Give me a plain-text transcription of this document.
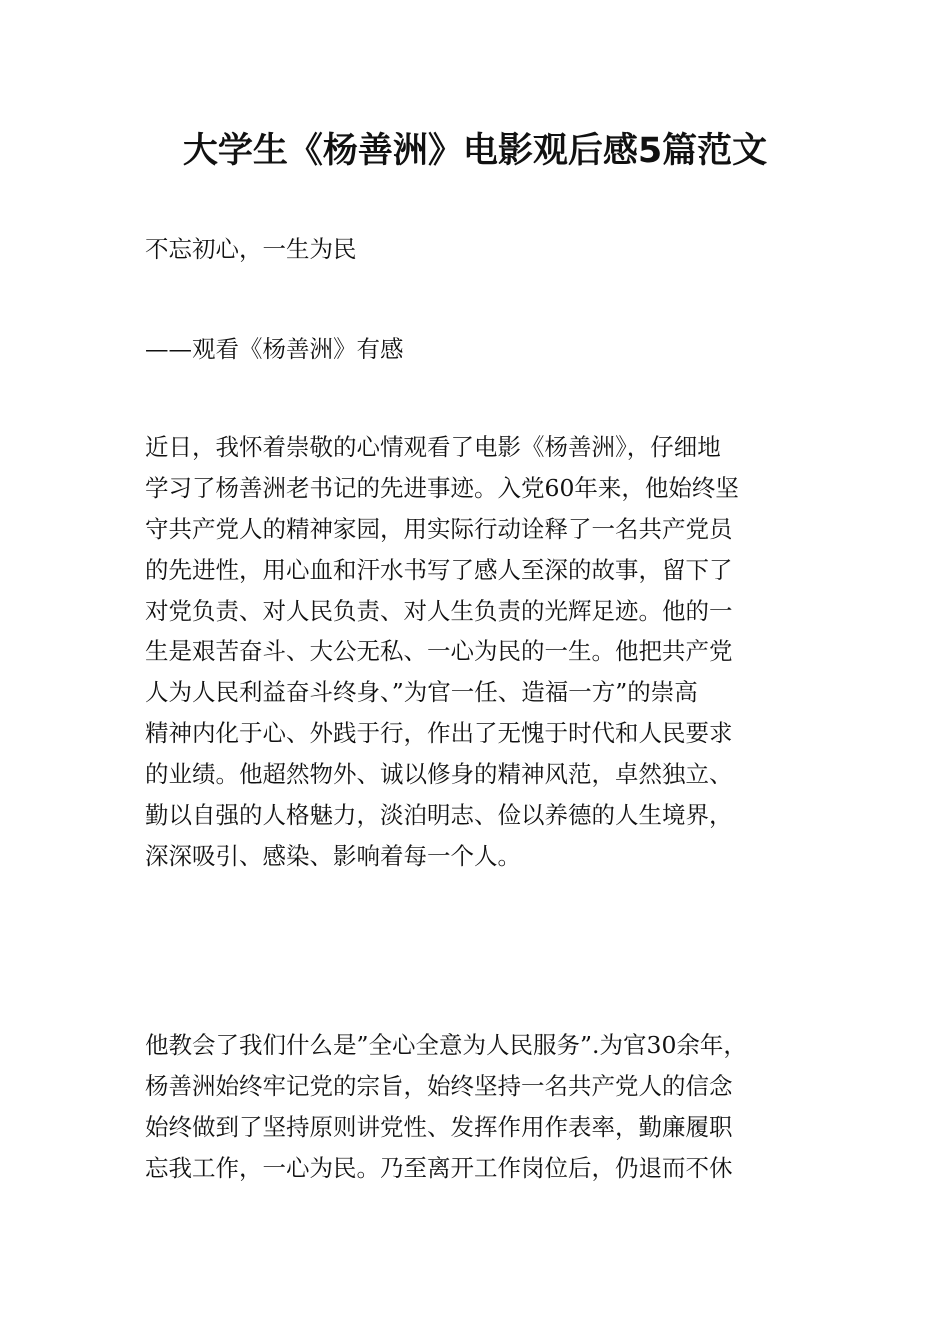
大学生《杨善洲》电影观后感5篇范文

不忘初心，一生为民

——观看《杨善洲》有感

近日，我怀着崇敬的心情观看了电影《杨善洲》，仔细地
学习了杨善洲老书记的先进事迹。入党60年来，他始终坚
守共产党人的精神家园，用实际行动诠释了一名共产党员
的先进性，用心血和汗水书写了感人至深的故事，留下了
对党负责、对人民负责、对人生负责的光辉足迹。他的一
生是艰苦奋斗、大公无私、一心为民的一生。他把共产党
人为人民利益奋斗终身、”为官一任、造福一方”的崇高
精神内化于心、外践于行，作出了无愧于时代和人民要求
的业绩。他超然物外、诚以修身的精神风范，卓然独立、
勤以自强的人格魅力，淡泊明志、俭以养德的人生境界，
深深吸引、感染、影响着每一个人。
他教会了我们什么是”全心全意为人民服务”.为官30余年，
杨善洲始终牢记党的宗旨，始终坚持一名共产党人的信念
始终做到了坚持原则讲党性、发挥作用作表率，勤廉履职
忘我工作，一心为民。乃至离开工作岗位后，仍退而不休
